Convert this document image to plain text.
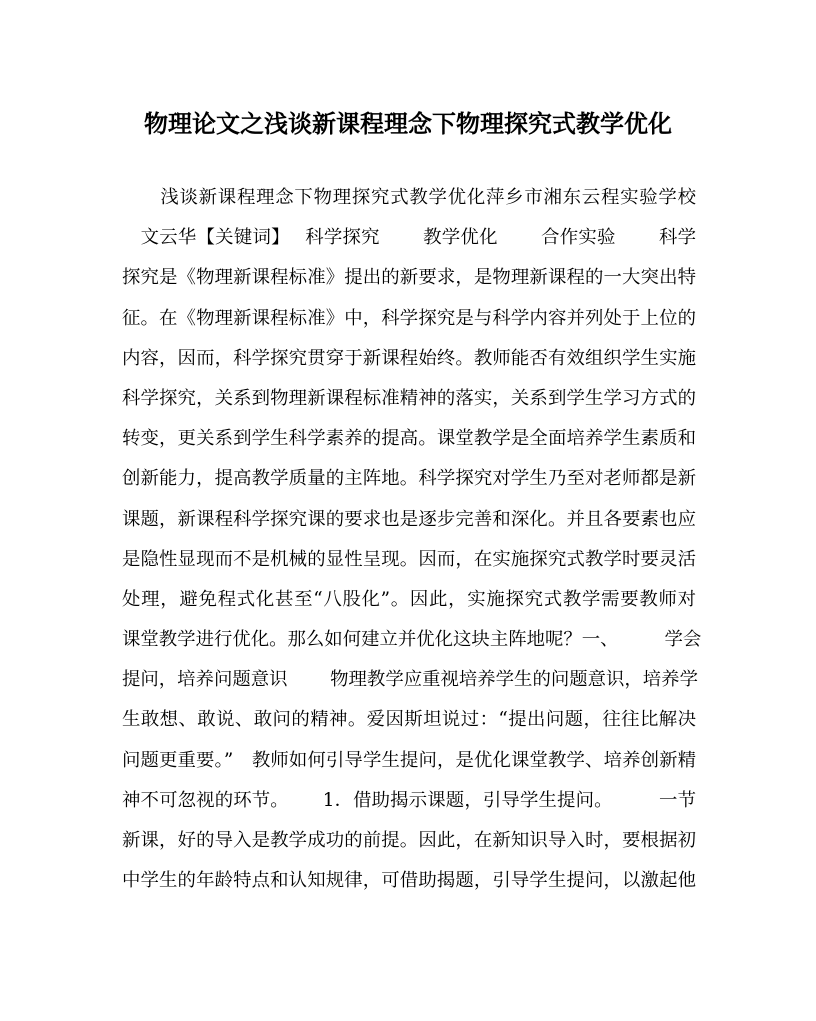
物理论文之浅谈新课程理念下物理探究式教学优化
　　浅谈新课程理念下物理探究式教学优化萍乡市湘东云程实验学校
　文云华【关键词】　 科学探究　　 教学优化　　 合作实验　　 科学
探究是《物理新课程标准》提出的新要求，是物理新课程的一大突出特
征。在《物理新课程标准》中，科学探究是与科学内容并列处于上位的
内容，因而，科学探究贯穿于新课程始终。教师能否有效组织学生实施
科学探究，关系到物理新课程标准精神的落实，关系到学生学习方式的
转变，更关系到学生科学素养的提高。课堂教学是全面培养学生素质和
创新能力，提高教学质量的主阵地。科学探究对学生乃至对老师都是新
课题，新课程科学探究课的要求也是逐步完善和深化。并且各要素也应
是隐性显现而不是机械的显性呈现。因而，在实施探究式教学时要灵活
处理，避免程式化甚至“八股化”。因此，实施探究式教学需要教师对
课堂教学进行优化。那么如何建立并优化这块主阵地呢？一、　　　学会
提问，培养问题意识　　 物理教学应重视培养学生的问题意识，培养学
生敢想、敢说、敢问的精神。爱因斯坦说过：“提出问题，往往比解决
问题更重要。”　教师如何引导学生提问，是优化课堂教学、培养创新精
神不可忽视的环节。　　 1．借助揭示课题，引导学生提问。　　　一节
新课，好的导入是教学成功的前提。因此，在新知识导入时，要根据初
中学生的年龄特点和认知规律，可借助揭题，引导学生提问，以激起他
